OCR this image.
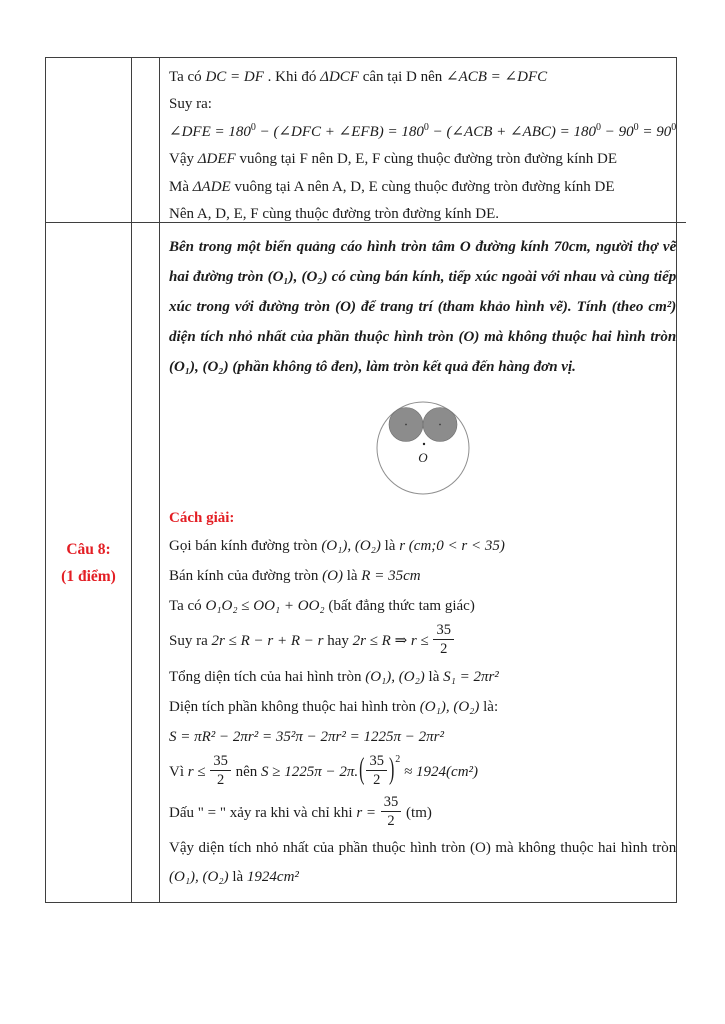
Ta có DC = DF . Khi đó ΔDCF cân tại D nên ∠ACB = ∠DFC
Suy ra:
∠DFE = $180^0$ − (∠DFC + ∠EFB) = $180^0$ − (∠ACB + ∠ABC) = $180^0 - 90^0 = 90^0$
Vậy ΔDEF vuông tại F nên D, E, F cùng thuộc đường tròn đường kính DE
Mà ΔADE vuông tại A nên A, D, E cùng thuộc đường tròn đường kính DE
Nên A, D, E, F cùng thuộc đường tròn đường kính DE.
Câu 8:
(1 điểm)

Bên trong một biển quảng cáo hình tròn tâm O đường kính 70cm, người thợ vẽ hai đường tròn (O₁), (O₂) có cùng bán kính, tiếp xúc ngoài với nhau và cùng tiếp xúc trong với đường tròn (O) để trang trí (tham khảo hình vẽ). Tính (theo cm²) diện tích nhỏ nhất của phần thuộc hình tròn (O) mà không thuộc hai hình tròn (O₁), (O₂) (phần không tô đen), làm tròn kết quả đến hàng đơn vị.

O
Cách giải:
Gọi bán kính đường tròn (O₁), (O₂) là r (cm;0 < r < 35)
Bán kính của đường tròn (O) là R = 35cm
Ta có O₁O₂ ≤ OO₁ + OO₂ (bất đẳng thức tam giác)
Suy ra 2r ≤ R − r + R − r hay 2r ≤ R ⇒ $r \le \frac{35}{2}$
Tổng diện tích của hai hình tròn (O₁), (O₂) là S₁ = 2πr²
Diện tích phần không thuộc hai hình tròn (O₁), (O₂) là:
S = πR² − 2πr² = 35²π − 2πr² = 1225π − 2πr²
Vì $r \le \frac{35}{2}$ nên $S \ge 1225\pi - 2\pi.( \frac{35}{2} )^2 \approx 1924(cm^2)$
Dấu " = " xảy ra khi và chỉ khi $r = \frac{35}{2} (tm)$
Vậy diện tích nhỏ nhất của phần thuộc hình tròn (O) mà không thuộc hai hình tròn (O₁), (O₂) là 1924cm²
